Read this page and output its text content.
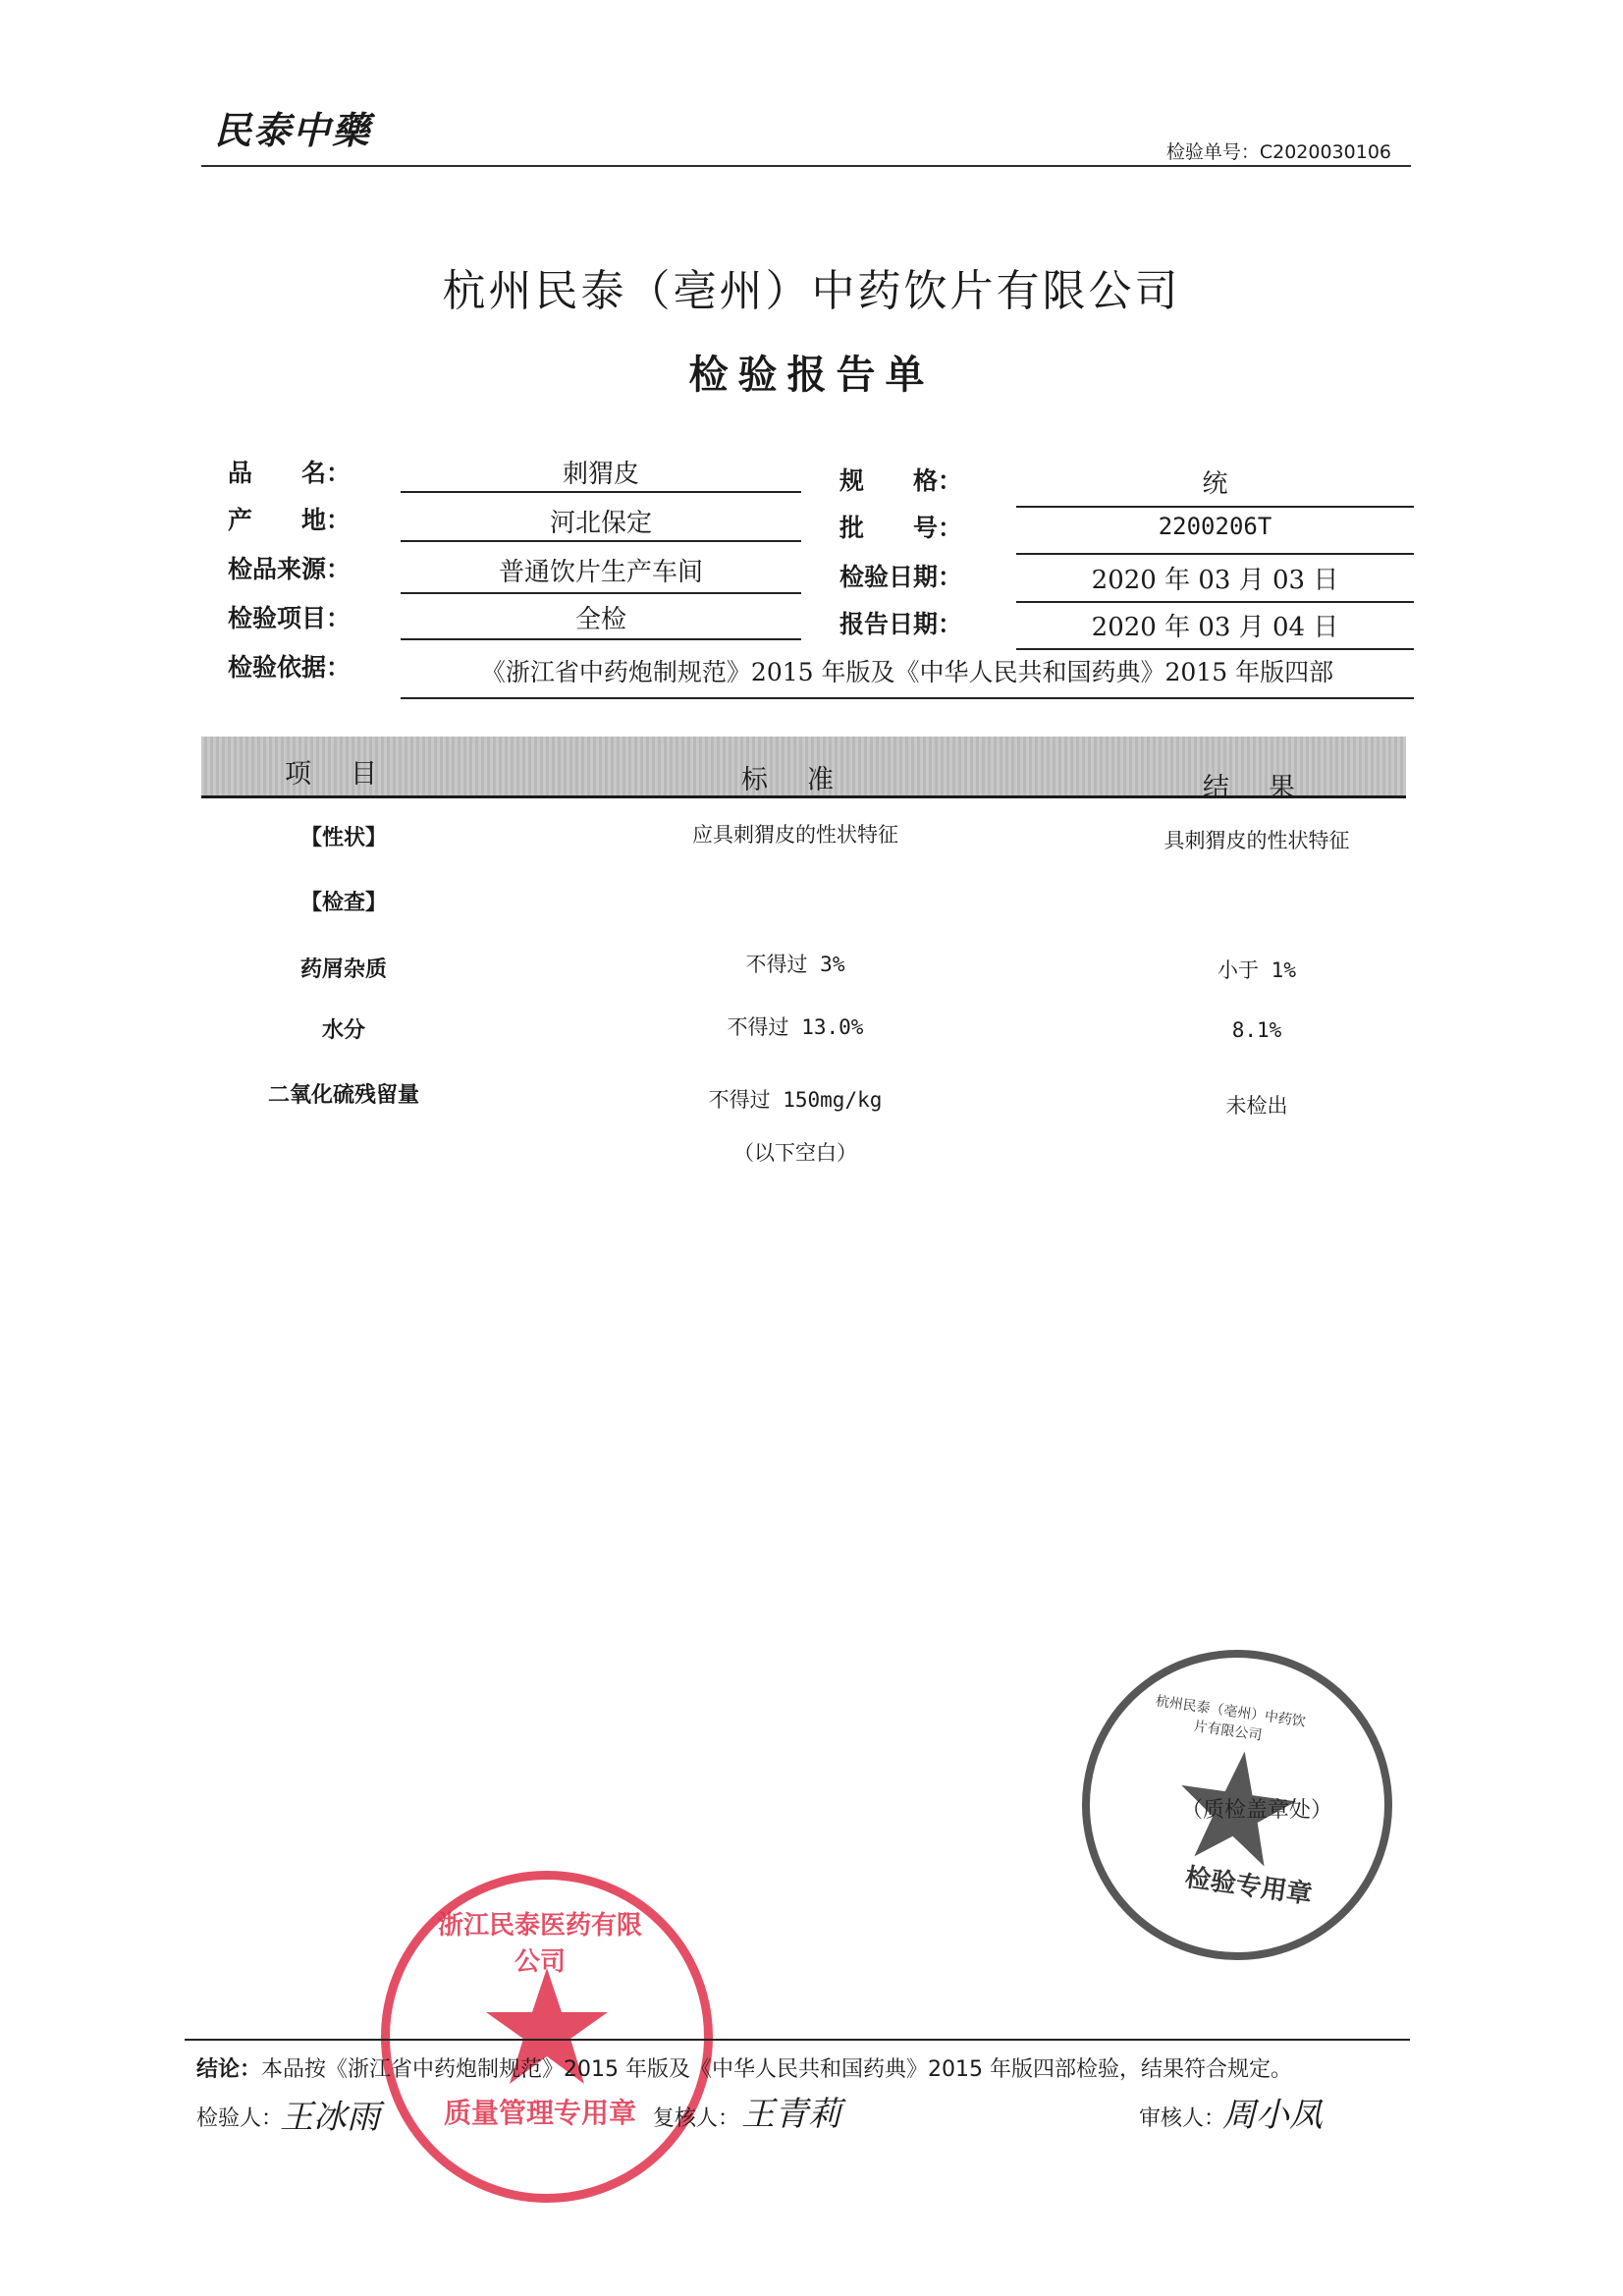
民泰中藥	检验单号：C2020030106
杭州民泰（亳州）中药饮片有限公司
检验报告单
品　　名：	刺猬皮	规　　格：	统
产　　地：	河北保定	批　　号：	2200206T
检品来源：	普通饮片生产车间	检验日期：	2020 年 03 月 03 日
检验项目：	全检	报告日期：	2020 年 03 月 04 日
检验依据：	《浙江省中药炮制规范》2015 年版及《中华人民共和国药典》2015 年版四部
项目	标准	结果
【性状】	应具刺猬皮的性状特征	具刺猬皮的性状特征
【检查】
药屑杂质	不得过 3%	小于 1%
水分	不得过 13.0%	8.1%
二氧化硫残留量	不得过 150mg/kg	未检出
（以下空白）
杭州民泰（亳州）中药饮片有限公司
检验专用章
（质检盖章处）
浙江民泰医药有限公司
质量管理专用章
结论：本品按《浙江省中药炮制规范》2015 年版及《中华人民共和国药典》2015 年版四部检验，结果符合规定。
检验人：
王冰雨	复核人： 王青莉	审核人：
周小凤
